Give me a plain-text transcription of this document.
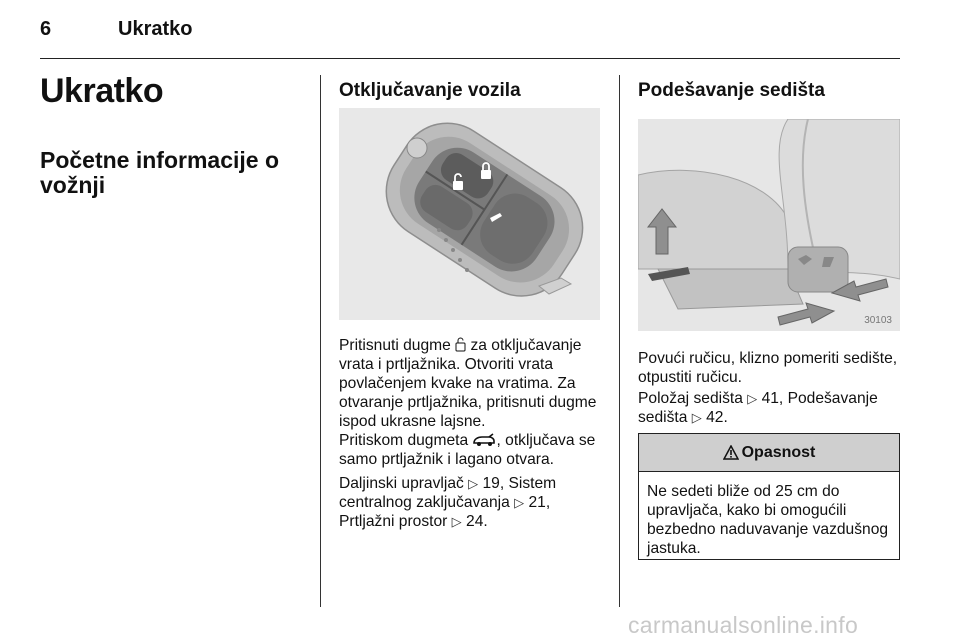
6	Ukratko
Ukratko
Početne informacije o vožnji
Otključavanje vozila

Pritisnuti dugme za otključavanje vrata i prtljažnika. Otvoriti vrata povlačenjem kvake na vratima. Za otvaranje prtljažnika, pritisnuti dugme ispod ukrasne lajsne.

Pritiskom dugmeta , otključava se samo prtljažnik i lagano otvara.

Daljinski upravljač ▷ 19, Sistem centralnog zaključavanja ▷ 21,
Prtljažni prostor ▷ 24.

Podešavanje sedišta
30103

Povući ručicu, klizno pomeriti sedište, otpustiti ručicu.

Položaj sedišta ▷ 41, Podešavanje sedišta ▷ 42.

Opasnost
Ne sedeti bliže od 25 cm do upravljača, kako bi omogućili bezbedno naduvavanje vazdušnog jastuka.
carmanualsonline.info
